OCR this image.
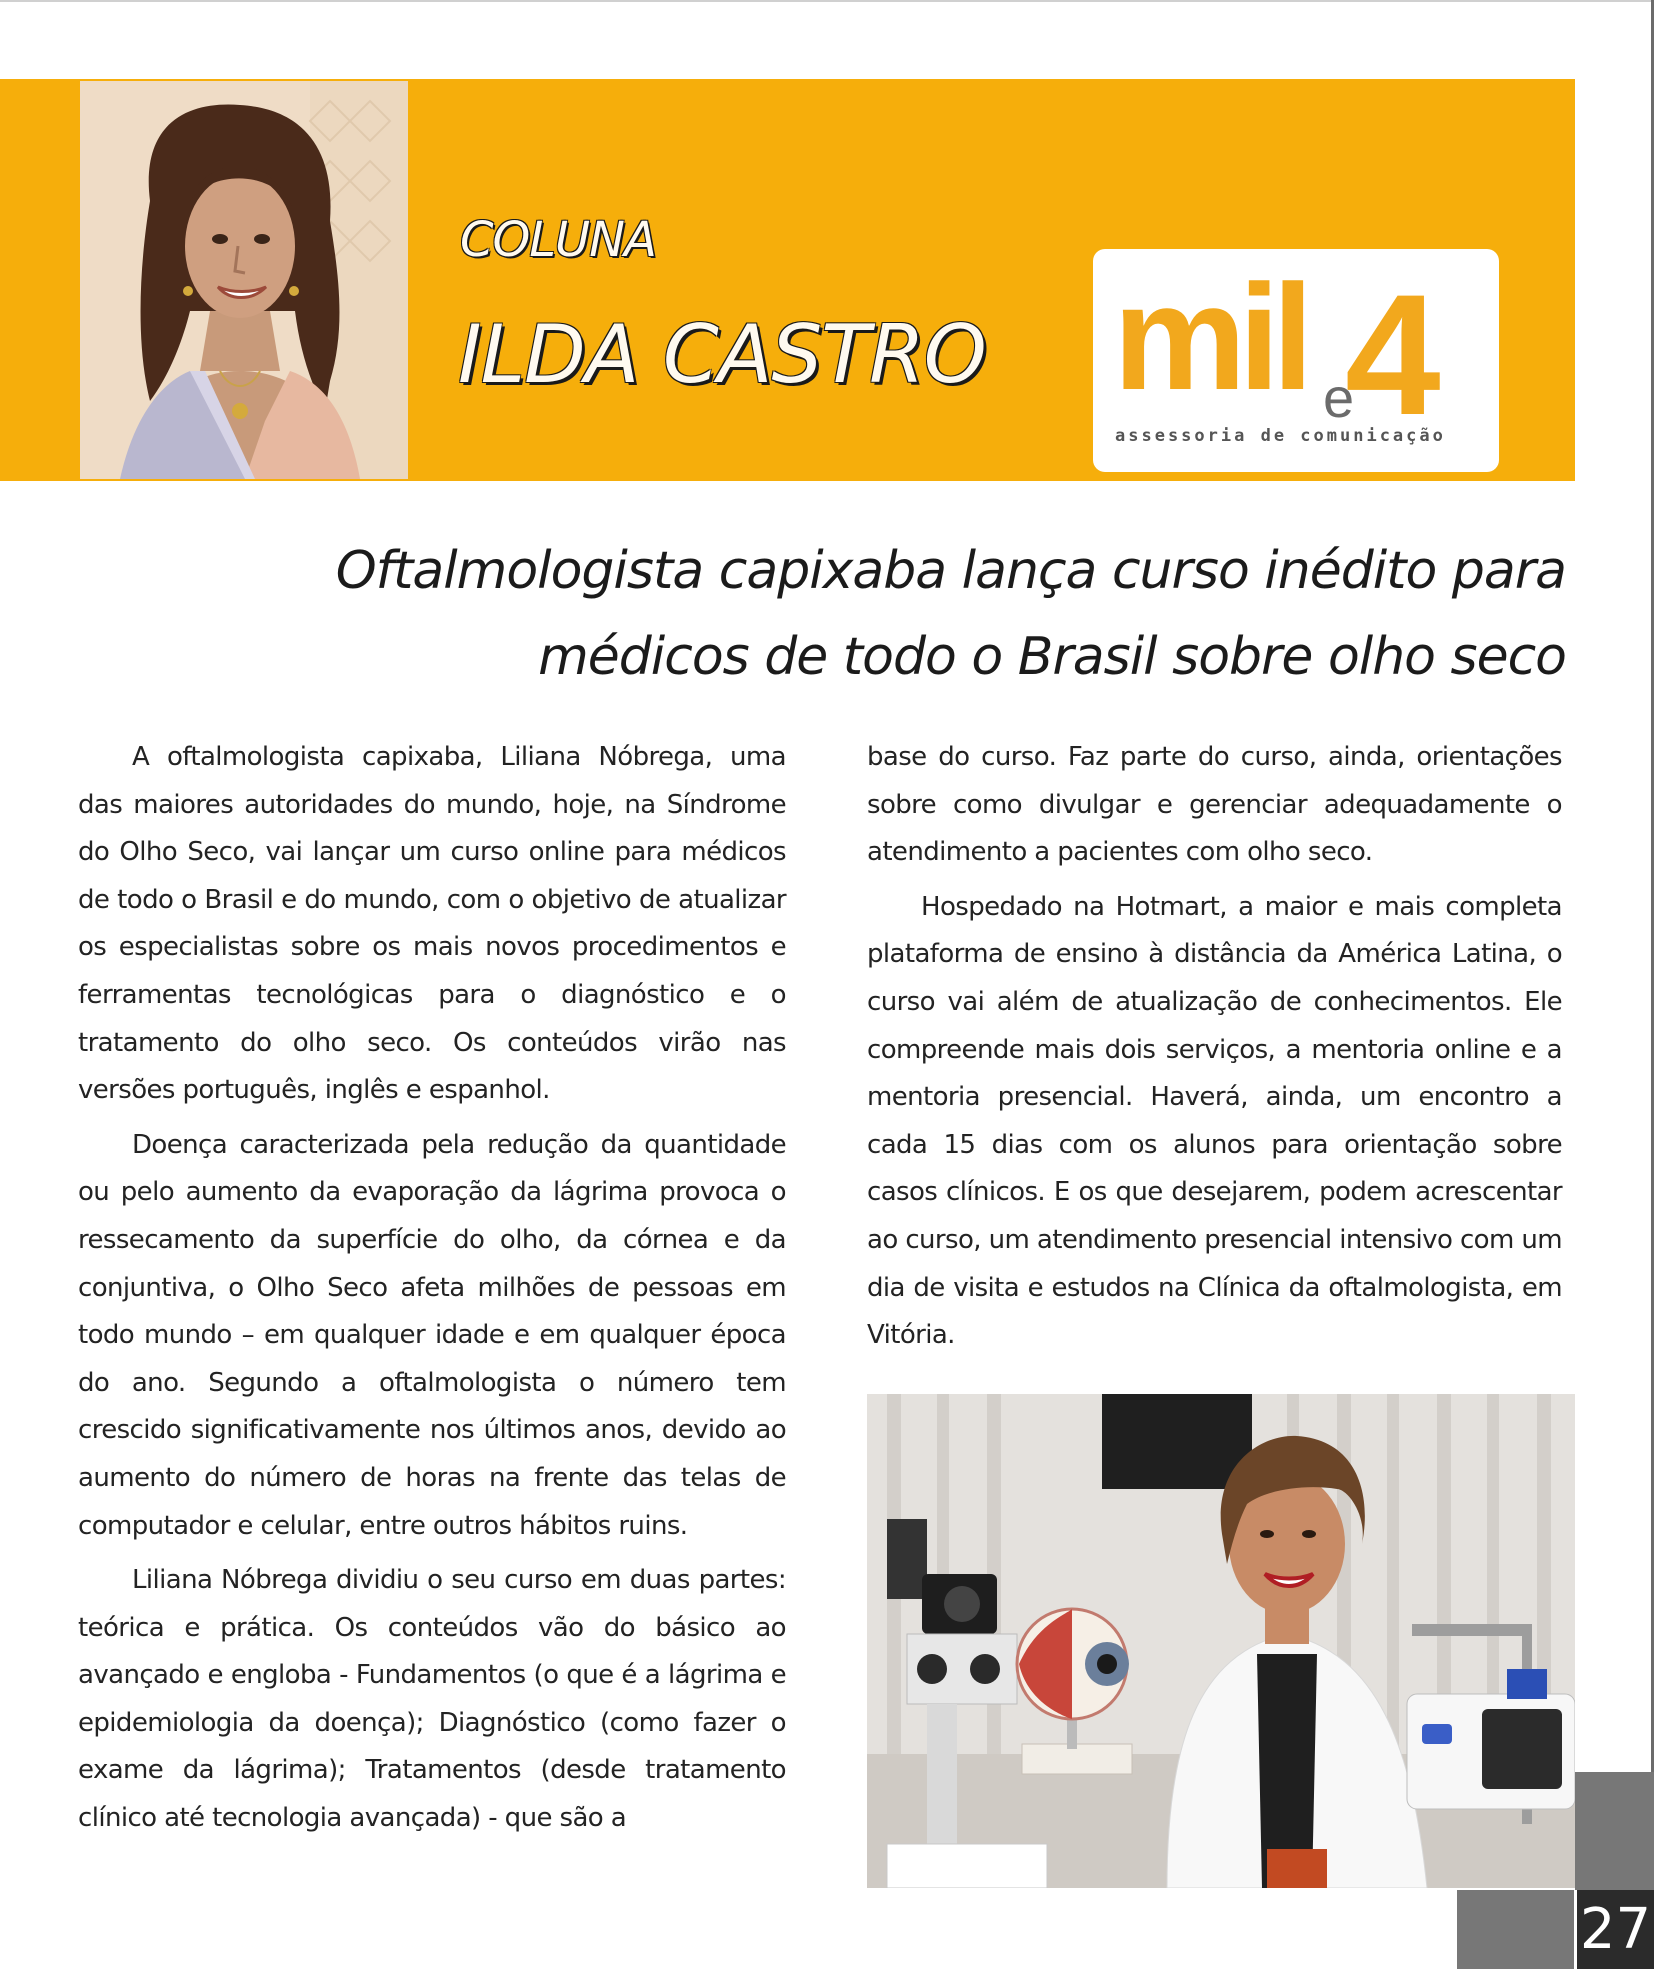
COLUNA
ILDA CASTRO mil e
4
assessoria de comunicação
Oftalmologista capixaba lança curso inédito para
médicos de todo o Brasil sobre olho seco

A oftalmologista capixaba, Liliana Nóbrega, uma das maiores autoridades do mundo, hoje, na Síndrome do Olho Seco, vai lançar um curso online para médicos de todo o Brasil e do mundo, com o objetivo de atualizar os especialistas sobre os mais novos procedimentos e ferramentas tecnológicas para o diagnóstico e o tratamento do olho seco. Os conteúdos virão nas versões português, inglês e espanhol.

Doença caracterizada pela redução da quantidade ou pelo aumento da evaporação da lágrima provoca o ressecamento da superfície do olho, da córnea e da conjuntiva, o Olho Seco afeta milhões de pessoas em todo mundo – em qualquer idade e em qualquer época do ano. Segundo a oftalmologista o número tem crescido significativamente nos últimos anos, devido ao aumento do número de horas na frente das telas de computador e celular, entre outros hábitos ruins.

Liliana Nóbrega dividiu o seu curso em duas partes: teórica e prática. Os conteúdos vão do básico ao avançado e engloba - Fundamentos (o que é a lágrima e epidemiologia da doença); Diagnóstico (como fazer o exame da lágrima); Tratamentos (desde tratamento clínico até tecnologia avançada) - que são a

base do curso. Faz parte do curso, ainda, orientações sobre como divulgar e gerenciar adequadamente o atendimento a pacientes com olho seco.

Hospedado na Hotmart, a maior e mais completa plataforma de ensino à distância da América Latina, o curso vai além de atualização de conhecimentos. Ele compreende mais dois serviços, a mentoria online e a mentoria presencial. Haverá, ainda, um encontro a cada 15 dias com os alunos para orientação sobre casos clínicos. E os que desejarem, podem acrescentar ao curso, um atendimento presencial intensivo com um dia de visita e estudos na Clínica da oftalmologista, em Vitória.

27
